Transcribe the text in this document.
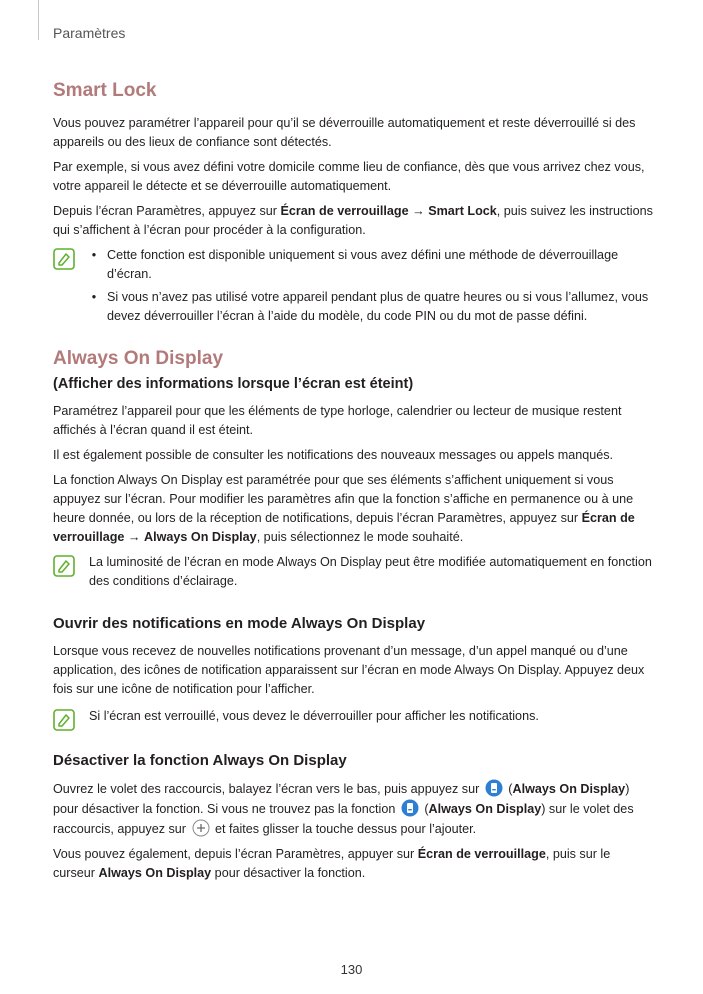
Paramètres
Smart Lock

Vous pouvez paramétrer l’appareil pour qu’il se déverrouille automatiquement et reste déverrouillé si des appareils ou des lieux de confiance sont détectés.

Par exemple, si vous avez défini votre domicile comme lieu de confiance, dès que vous arrivez chez vous, votre appareil le détecte et se déverrouille automatiquement.

Depuis l’écran Paramètres, appuyez sur Écran de verrouillage → Smart Lock, puis suivez les instructions qui s’affichent à l’écran pour procéder à la configuration.

• Cette fonction est disponible uniquement si vous avez défini une méthode de déverrouillage d’écran.
• Si vous n’avez pas utilisé votre appareil pendant plus de quatre heures ou si vous l’allumez, vous devez déverrouiller l’écran à l’aide du modèle, du code PIN ou du mot de passe défini.
Always On Display
(Afficher des informations lorsque l’écran est éteint)

Paramétrez l’appareil pour que les éléments de type horloge, calendrier ou lecteur de musique restent affichés à l’écran quand il est éteint.

Il est également possible de consulter les notifications des nouveaux messages ou appels manqués.

La fonction Always On Display est paramétrée pour que ses éléments s’affichent uniquement si vous appuyez sur l’écran. Pour modifier les paramètres afin que la fonction s’affiche en permanence ou à une heure donnée, ou lors de la réception de notifications, depuis l’écran Paramètres, appuyez sur Écran de verrouillage → Always On Display, puis sélectionnez le mode souhaité.

La luminosité de l’écran en mode Always On Display peut être modifiée automatiquement en fonction des conditions d’éclairage.

Ouvrir des notifications en mode Always On Display

Lorsque vous recevez de nouvelles notifications provenant d’un message, d’un appel manqué ou d’une application, des icônes de notification apparaissent sur l’écran en mode Always On Display. Appuyez deux fois sur une icône de notification pour l’afficher.

Si l’écran est verrouillé, vous devez le déverrouiller pour afficher les notifications.

Désactiver la fonction Always On Display

Ouvrez le volet des raccourcis, balayez l’écran vers le bas, puis appuyez sur  (Always On Display) pour désactiver la fonction. Si vous ne trouvez pas la fonction  (Always On Display) sur le volet des raccourcis, appuyez sur  et faites glisser la touche dessus pour l’ajouter.

Vous pouvez également, depuis l’écran Paramètres, appuyer sur Écran de verrouillage, puis sur le curseur Always On Display pour désactiver la fonction.

130
